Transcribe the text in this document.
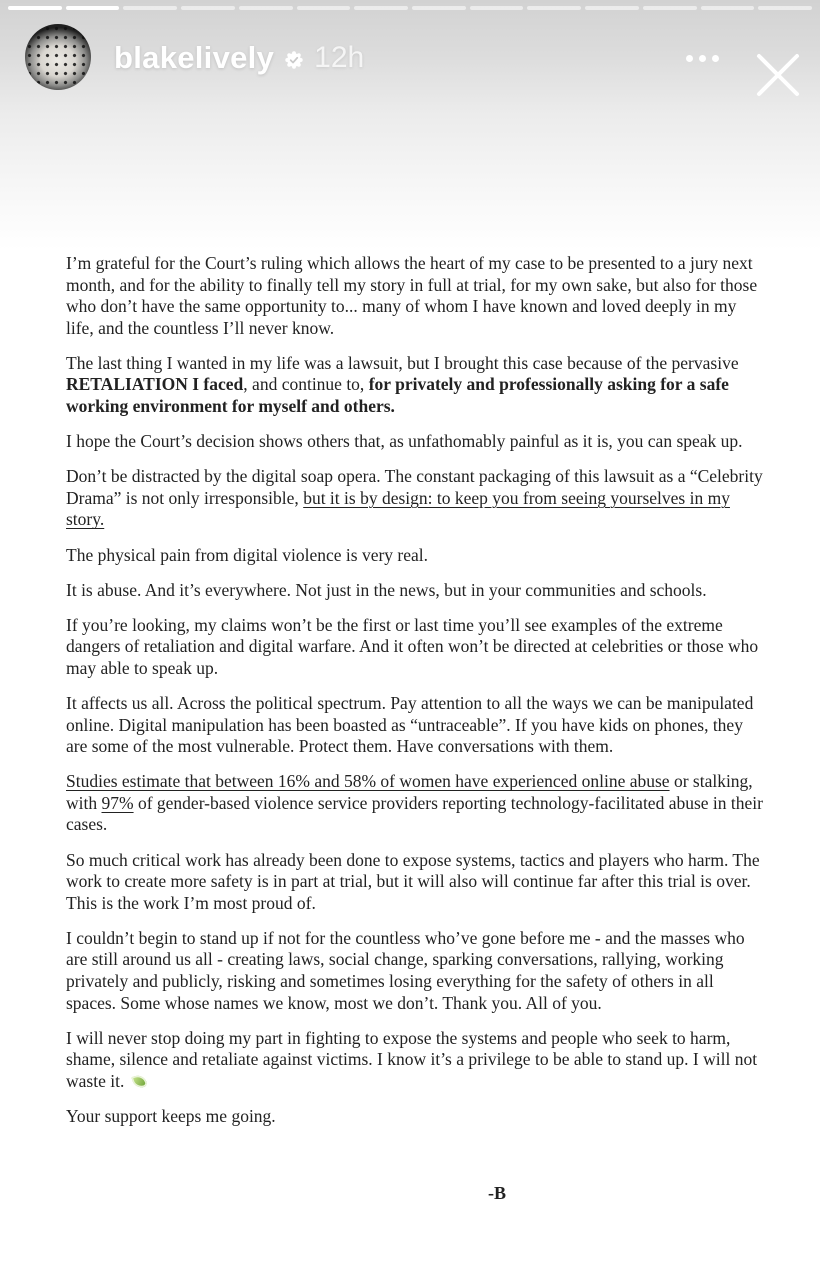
blakelively 12h

I’m grateful for the Court’s ruling which allows the heart of my case to be presented to a jury next month, and for the ability to finally tell my story in full at trial, for my own sake, but also for those who don’t have the same opportunity to... many of whom I have known and loved deeply in my life, and the countless I’ll never know.

The last thing I wanted in my life was a lawsuit, but I brought this case because of the pervasive RETALIATION I faced, and continue to, for privately and professionally asking for a safe working environment for myself and others.

I hope the Court’s decision shows others that, as unfathomably painful as it is, you can speak up.

Don’t be distracted by the digital soap opera. The constant packaging of this lawsuit as a “Celebrity Drama” is not only irresponsible, but it is by design: to keep you from seeing yourselves in my story.

The physical pain from digital violence is very real.

It is abuse. And it’s everywhere. Not just in the news, but in your communities and schools.

If you’re looking, my claims won’t be the first or last time you’ll see examples of the extreme dangers of retaliation and digital warfare. And it often won’t be directed at celebrities or those who may able to speak up.

It affects us all. Across the political spectrum. Pay attention to all the ways we can be manipulated online. Digital manipulation has been boasted as “untraceable”. If you have kids on phones, they are some of the most vulnerable. Protect them. Have conversations with them.

Studies estimate that between 16% and 58% of women have experienced online abuse or stalking, with 97% of gender-based violence service providers reporting technology-facilitated abuse in their cases.

So much critical work has already been done to expose systems, tactics and players who harm. The work to create more safety is in part at trial, but it will also will continue far after this trial is over. This is the work I’m most proud of.

I couldn’t begin to stand up if not for the countless who’ve gone before me - and the masses who are still around us all - creating laws, social change, sparking conversations, rallying, working privately and publicly, risking and sometimes losing everything for the safety of others in all spaces. Some whose names we know, most we don’t. Thank you. All of you.

I will never stop doing my part in fighting to expose the systems and people who seek to harm, shame, silence and retaliate against victims. I know it’s a privilege to be able to stand up. I will not waste it.

Your support keeps me going.

-B
